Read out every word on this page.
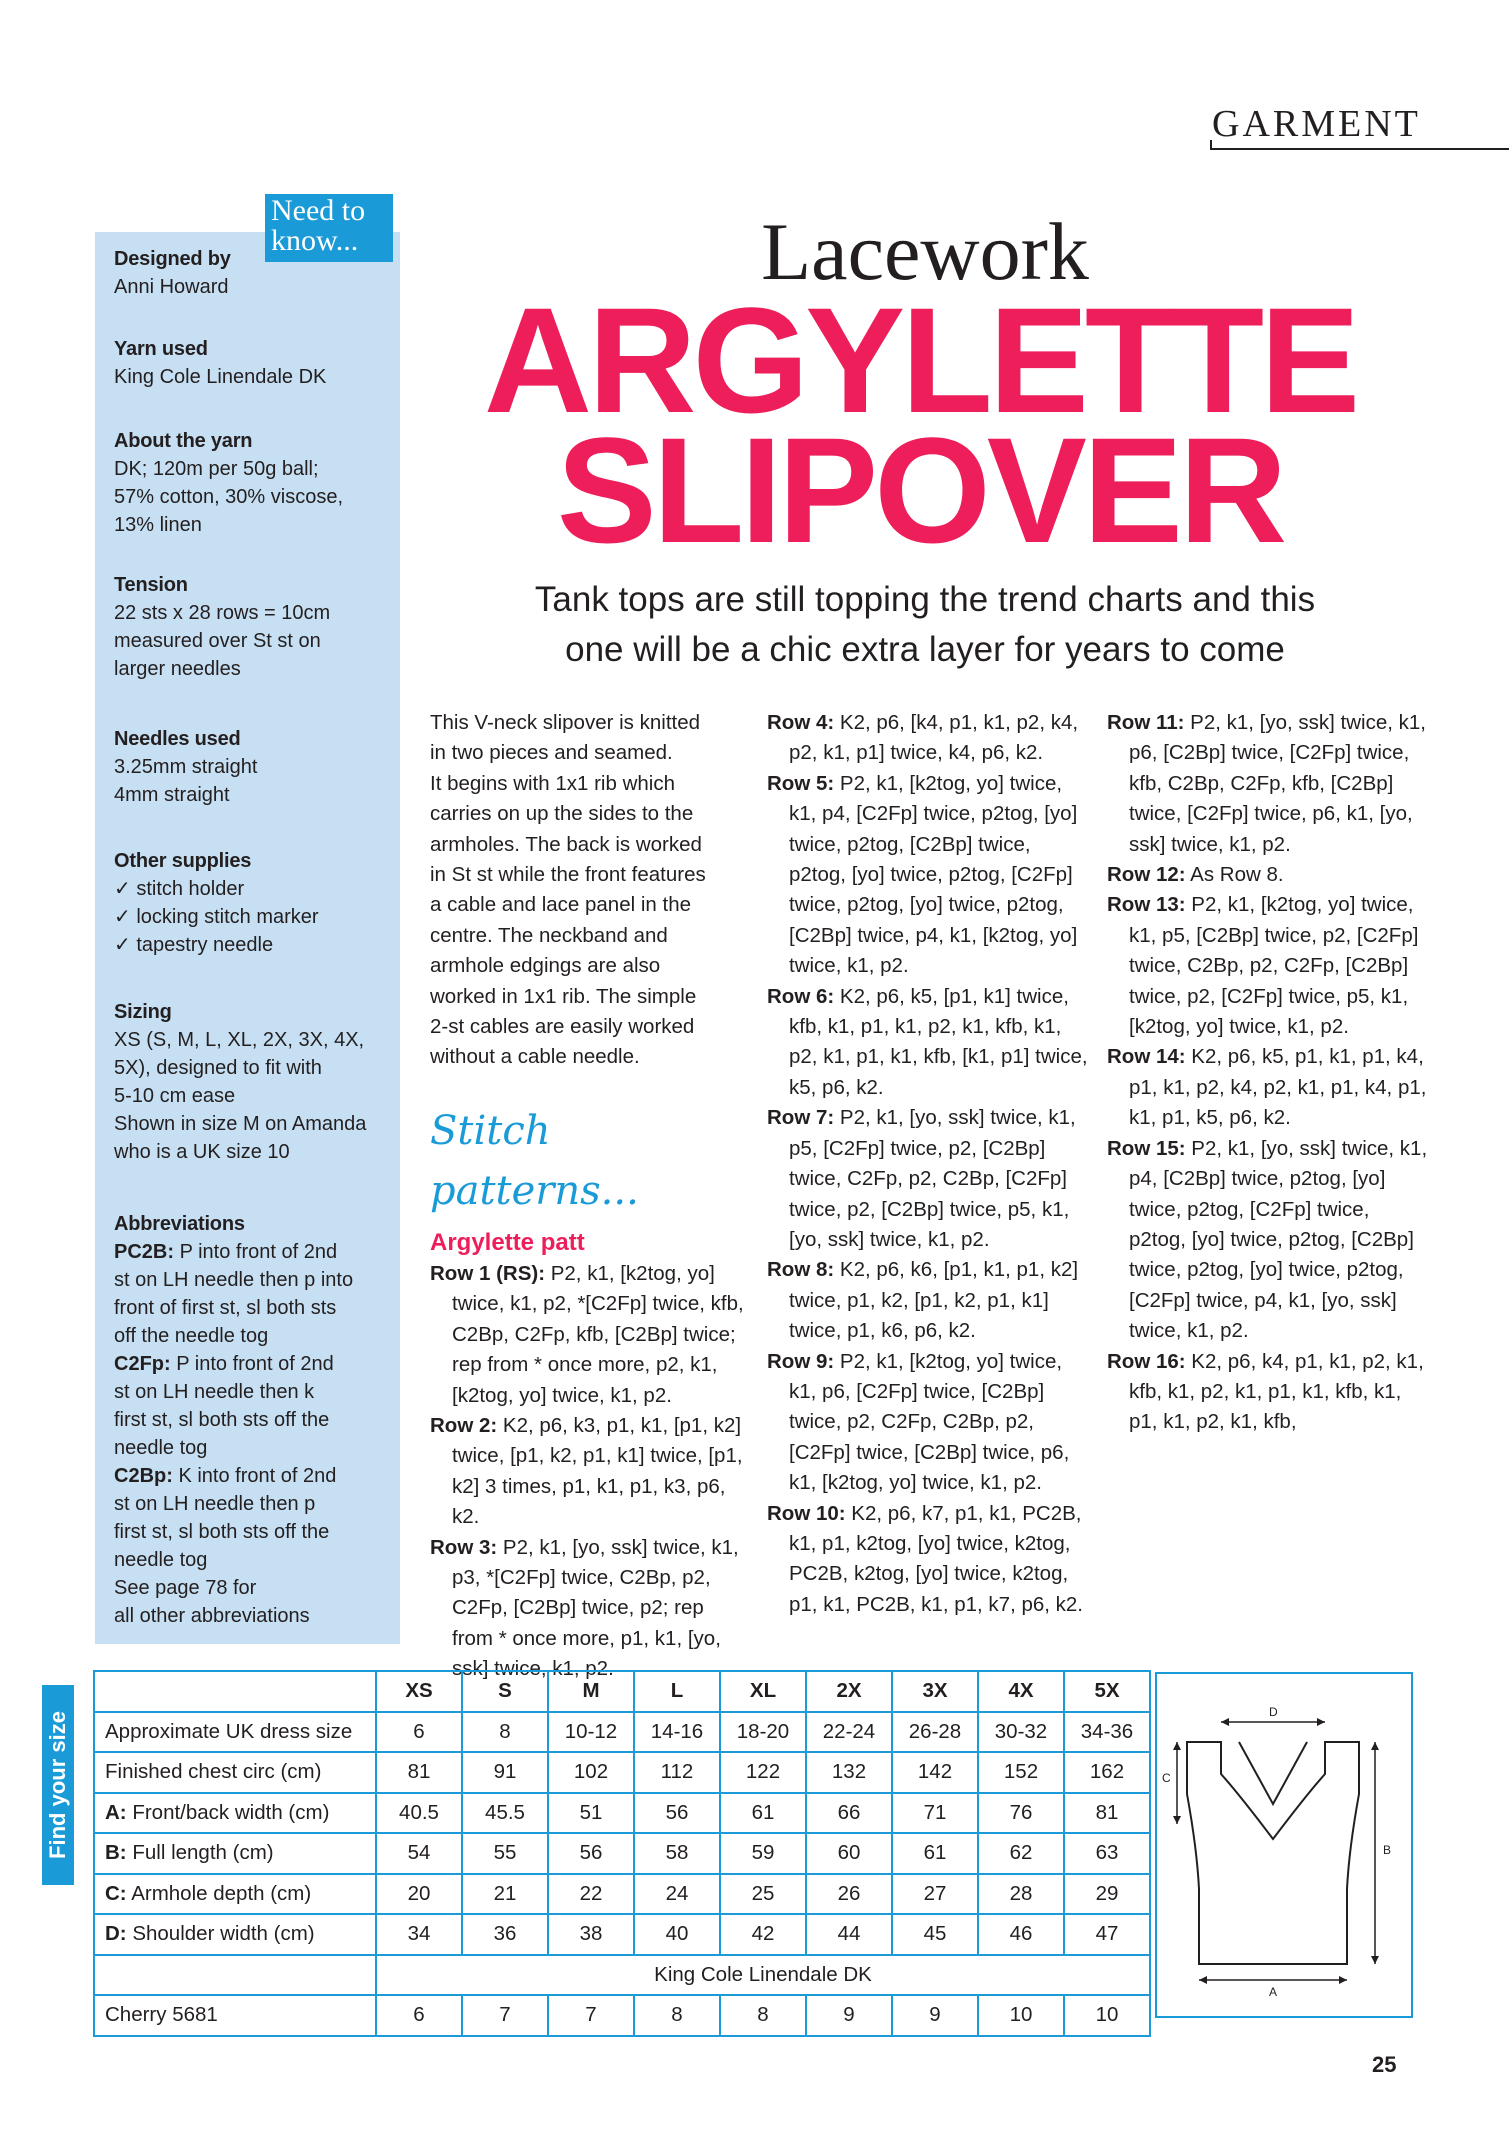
GARMENT
Need to
know...
Designed by
Anni Howard
Yarn used
King Cole Linendale DK
About the yarn
DK; 120m per 50g ball;
57% cotton, 30% viscose,
13% linen
Tension
22 sts x 28 rows = 10cm
measured over St st on
larger needles
Needles used
3.25mm straight
4mm straight
Other supplies
✓ stitch holder
✓ locking stitch marker
✓ tapestry needle
Sizing
XS (S, M, L, XL, 2X, 3X, 4X,
5X), designed to fit with
5-10 cm ease
Shown in size M on Amanda
who is a UK size 10
Abbreviations
PC2B: P into front of 2nd
st on LH needle then p into
front of first st, sl both sts
off the needle tog
C2Fp: P into front of 2nd
st on LH needle then k
first st, sl both sts off the
needle tog
C2Bp: K into front of 2nd
st on LH needle then p
first st, sl both sts off the
needle tog
See page 78 for
all other abbreviations
Lacework
ARGYLETTE
SLIPOVER
Tank tops are still topping the trend charts and this
one will be a chic extra layer for years to come

This V-neck slipover is knitted

in two pieces and seamed.

It begins with 1x1 rib which

carries on up the sides to the

armholes. The back is worked

in St st while the front features

a cable and lace panel in the

centre. The neckband and

armhole edgings are also

worked in 1x1 rib. The simple

2-st cables are easily worked

without a cable needle.

Stitch patterns...
Argylette patt

Row 1 (RS): P2, k1, [k2tog, yo] twice, k1, p2, *[C2Fp] twice, kfb, C2Bp, C2Fp, kfb, [C2Bp] twice; rep from * once more, p2, k1, [k2tog, yo] twice, k1, p2.

Row 2: K2, p6, k3, p1, k1, [p1, k2] twice, [p1, k2, p1, k1] twice, [p1, k2] 3 times, p1, k1, p1, k3, p6, k2.

Row 3: P2, k1, [yo, ssk] twice, k1, p3, *[C2Fp] twice, C2Bp, p2, C2Fp, [C2Bp] twice, p2; rep from * once more, p1, k1, [yo, ssk] twice, k1, p2.

Row 4: K2, p6, [k4, p1, k1, p2, k4, p2, k1, p1] twice, k4, p6, k2.

Row 5: P2, k1, [k2tog, yo] twice, k1, p4, [C2Fp] twice, p2tog, [yo] twice, p2tog, [C2Bp] twice, p2tog, [yo] twice, p2tog, [C2Fp] twice, p2tog, [yo] twice, p2tog, [C2Bp] twice, p4, k1, [k2tog, yo] twice, k1, p2.

Row 6: K2, p6, k5, [p1, k1] twice, kfb, k1, p1, k1, p2, k1, kfb, k1, p2, k1, p1, k1, kfb, [k1, p1] twice, k5, p6, k2.

Row 7: P2, k1, [yo, ssk] twice, k1, p5, [C2Fp] twice, p2, [C2Bp] twice, C2Fp, p2, C2Bp, [C2Fp] twice, p2, [C2Bp] twice, p5, k1, [yo, ssk] twice, k1, p2.

Row 8: K2, p6, k6, [p1, k1, p1, k2] twice, p1, k2, [p1, k2, p1, k1] twice, p1, k6, p6, k2.

Row 9: P2, k1, [k2tog, yo] twice, k1, p6, [C2Fp] twice, [C2Bp] twice, p2, C2Fp, C2Bp, p2, [C2Fp] twice, [C2Bp] twice, p6, k1, [k2tog, yo] twice, k1, p2.

Row 10: K2, p6, k7, p1, k1, PC2B, k1, p1, k2tog, [yo] twice, k2tog, PC2B, k2tog, [yo] twice, k2tog, p1, k1, PC2B, k1, p1, k7, p6, k2.

Row 11: P2, k1, [yo, ssk] twice, k1, p6, [C2Bp] twice, [C2Fp] twice, kfb, C2Bp, C2Fp, kfb, [C2Bp] twice, [C2Fp] twice, p6, k1, [yo, ssk] twice, k1, p2.

Row 12: As Row 8.

Row 13: P2, k1, [k2tog, yo] twice, k1, p5, [C2Bp] twice, p2, [C2Fp] twice, C2Bp, p2, C2Fp, [C2Bp] twice, p2, [C2Fp] twice, p5, k1, [k2tog, yo] twice, k1, p2.

Row 14: K2, p6, k5, p1, k1, p1, k4, p1, k1, p2, k4, p2, k1, p1, k4, p1, k1, p1, k5, p6, k2.

Row 15: P2, k1, [yo, ssk] twice, k1, p4, [C2Bp] twice, p2tog, [yo] twice, p2tog, [C2Fp] twice, p2tog, [yo] twice, p2tog, [C2Bp] twice, p2tog, [yo] twice, p2tog, [C2Fp] twice, p4, k1, [yo, ssk] twice, k1, p2.

Row 16: K2, p6, k4, p1, k1, p2, k1, kfb, k1, p2, k1, p1, k1, kfb, k1, p1, k1, p2, k1, kfb,

Find your size
	XS	S	M	L	XL	2X	3X	4X	5X
Approximate UK dress size	6	8	10-12	14-16	18-20	22-24	26-28	30-32	34-36
Finished chest circ (cm)	81	91	102	112	122	132	142	152	162
A: Front/back width (cm)	40.5	45.5	51	56	61	66	71	76	81
B: Full length (cm)	54	55	56	58	59	60	61	62	63
C: Armhole depth (cm)	20	21	22	24	25	26	27	28	29
D: Shoulder width (cm)	34	36	38	40	42	44	45	46	47
	King Cole Linendale DK								
Cherry 5681	6	7	7	8	8	9	9	10	10
D
C
B
A
25
